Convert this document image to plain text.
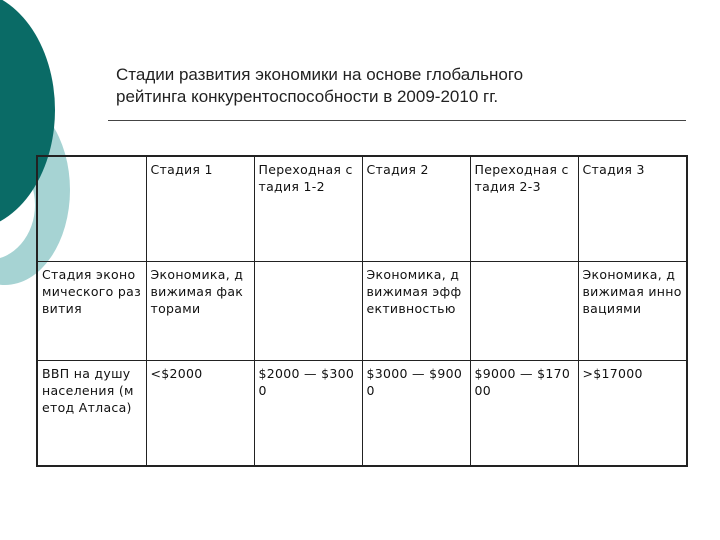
Стадии развития экономики на основе глобального
рейтинга конкурентоспособности в 2009-2010 гг.
	Стадия 1	Переходная стадия 1-2	Стадия 2	Переходная стадия 2-3	Стадия 3
Стадия экономического развития	Экономика, движимая факторами		Экономика, движимая эффективностью		Экономика, движимая инновациями
ВВП на душу населения (метод Атласа)	<$2000	$2000 — $3000	$3000 — $9000	$9000 — $17000	>$17000
